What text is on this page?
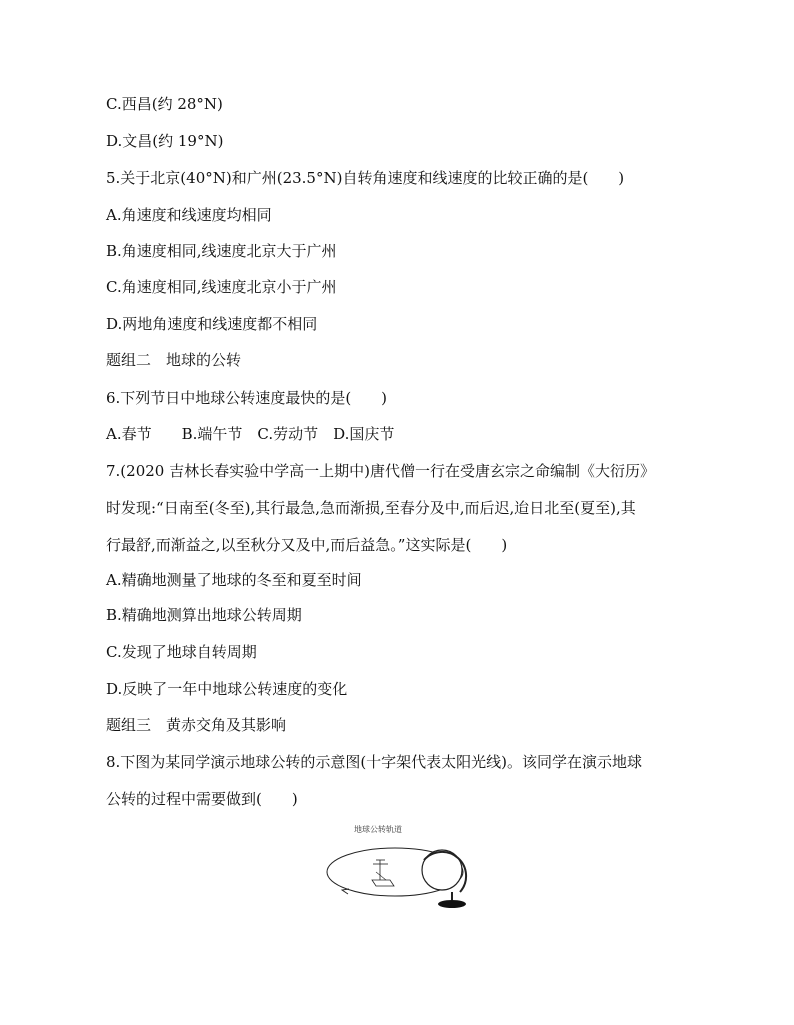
C.西昌(约 28°N)
D.文昌(约 19°N)
5.关于北京(40°N)和广州(23.5°N)自转角速度和线速度的比较正确的是(　　)
A.角速度和线速度均相同
B.角速度相同,线速度北京大于广州
C.角速度相同,线速度北京小于广州
D.两地角速度和线速度都不相同
题组二　地球的公转
6.下列节日中地球公转速度最快的是(　　)
A.春节　　B.端午节　C.劳动节　D.国庆节
7.(2020 吉林长春实验中学高一上期中)唐代僧一行在受唐玄宗之命编制《大衍历》
时发现:“日南至(冬至),其行最急,急而渐损,至春分及中,而后迟,迨日北至(夏至),其
行最舒,而渐益之,以至秋分又及中,而后益急。”这实际是(　　)
A.精确地测量了地球的冬至和夏至时间
B.精确地测算出地球公转周期
C.发现了地球自转周期
D.反映了一年中地球公转速度的变化
题组三　黄赤交角及其影响
8.下图为某同学演示地球公转的示意图(十字架代表太阳光线)。该同学在演示地球
公转的过程中需要做到(　　)
地球公转轨道
